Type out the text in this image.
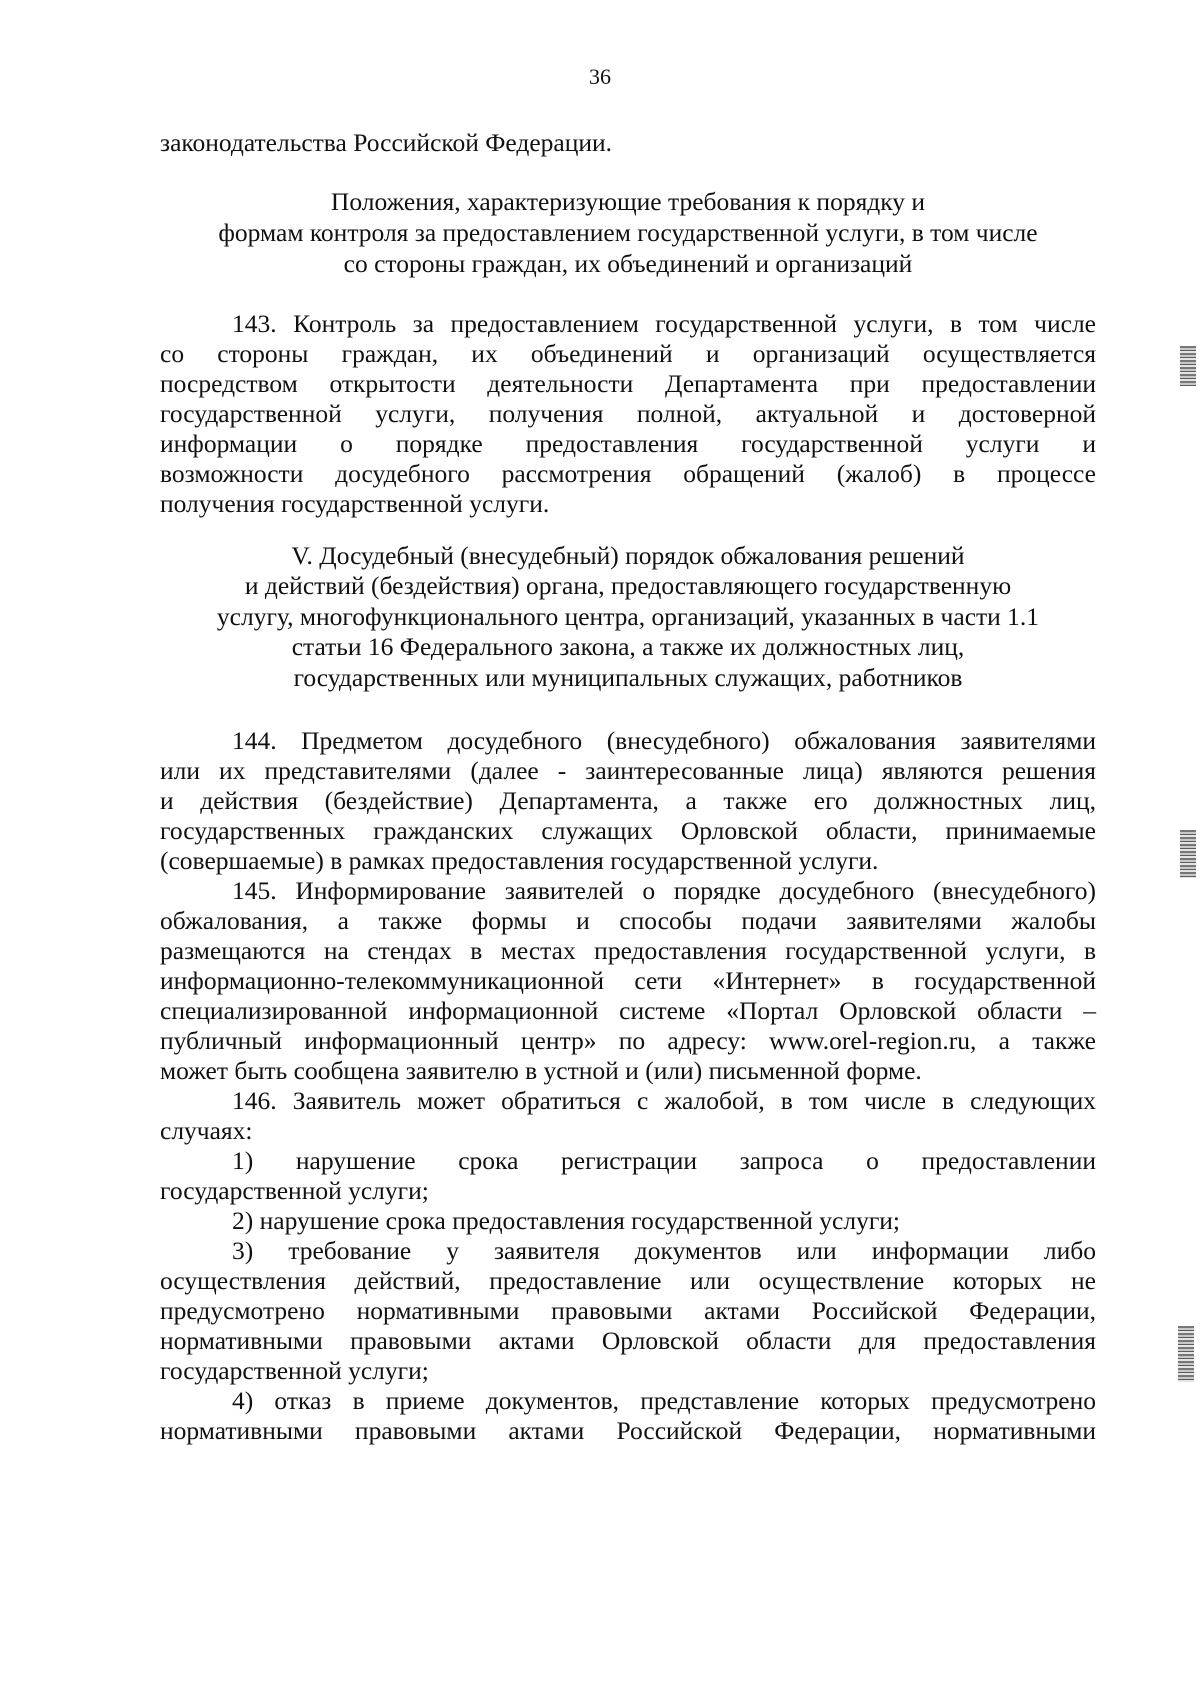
36
законодательства Российской Федерации.
Положения, характеризующие требования к порядку и
формам контроля за предоставлением государственной услуги, в том числе
со стороны граждан, их объединений и организаций
143. Контроль за предоставлением государственной услуги, в том числе
со стороны граждан, их объединений и организаций осуществляется
посредством открытости деятельности Департамента при предоставлении
государственной услуги, получения полной, актуальной и достоверной
информации о порядке предоставления государственной услуги и
возможности досудебного рассмотрения обращений (жалоб) в процессе
получения государственной услуги.
V. Досудебный (внесудебный) порядок обжалования решений
и действий (бездействия) органа, предоставляющего государственную
услугу, многофункционального центра, организаций, указанных в части 1.1
статьи 16 Федерального закона, а также их должностных лиц,
государственных или муниципальных служащих, работников
144. Предметом досудебного (внесудебного) обжалования заявителями
или их представителями (далее - заинтересованные лица) являются решения
и действия (бездействие) Департамента, а также его должностных лиц,
государственных гражданских служащих Орловской области, принимаемые
(совершаемые) в рамках предоставления государственной услуги.
145. Информирование заявителей о порядке досудебного (внесудебного)
обжалования, а также формы и способы подачи заявителями жалобы
размещаются на стендах в местах предоставления государственной услуги, в
информационно-телекоммуникационной сети «Интернет» в государственной
специализированной информационной системе «Портал Орловской области –
публичный информационный центр» по адресу: www.orel-region.ru, а также
может быть сообщена заявителю в устной и (или) письменной форме.
146. Заявитель может обратиться с жалобой, в том числе в следующих
случаях:
1) нарушение срока регистрации запроса о предоставлении
государственной услуги;
2) нарушение срока предоставления государственной услуги;
3) требование у заявителя документов или информации либо
осуществления действий, предоставление или осуществление которых не
предусмотрено нормативными правовыми актами Российской Федерации,
нормативными правовыми актами Орловской области для предоставления
государственной услуги;
4) отказ в приеме документов, представление которых предусмотрено
нормативными правовыми актами Российской Федерации, нормативными
